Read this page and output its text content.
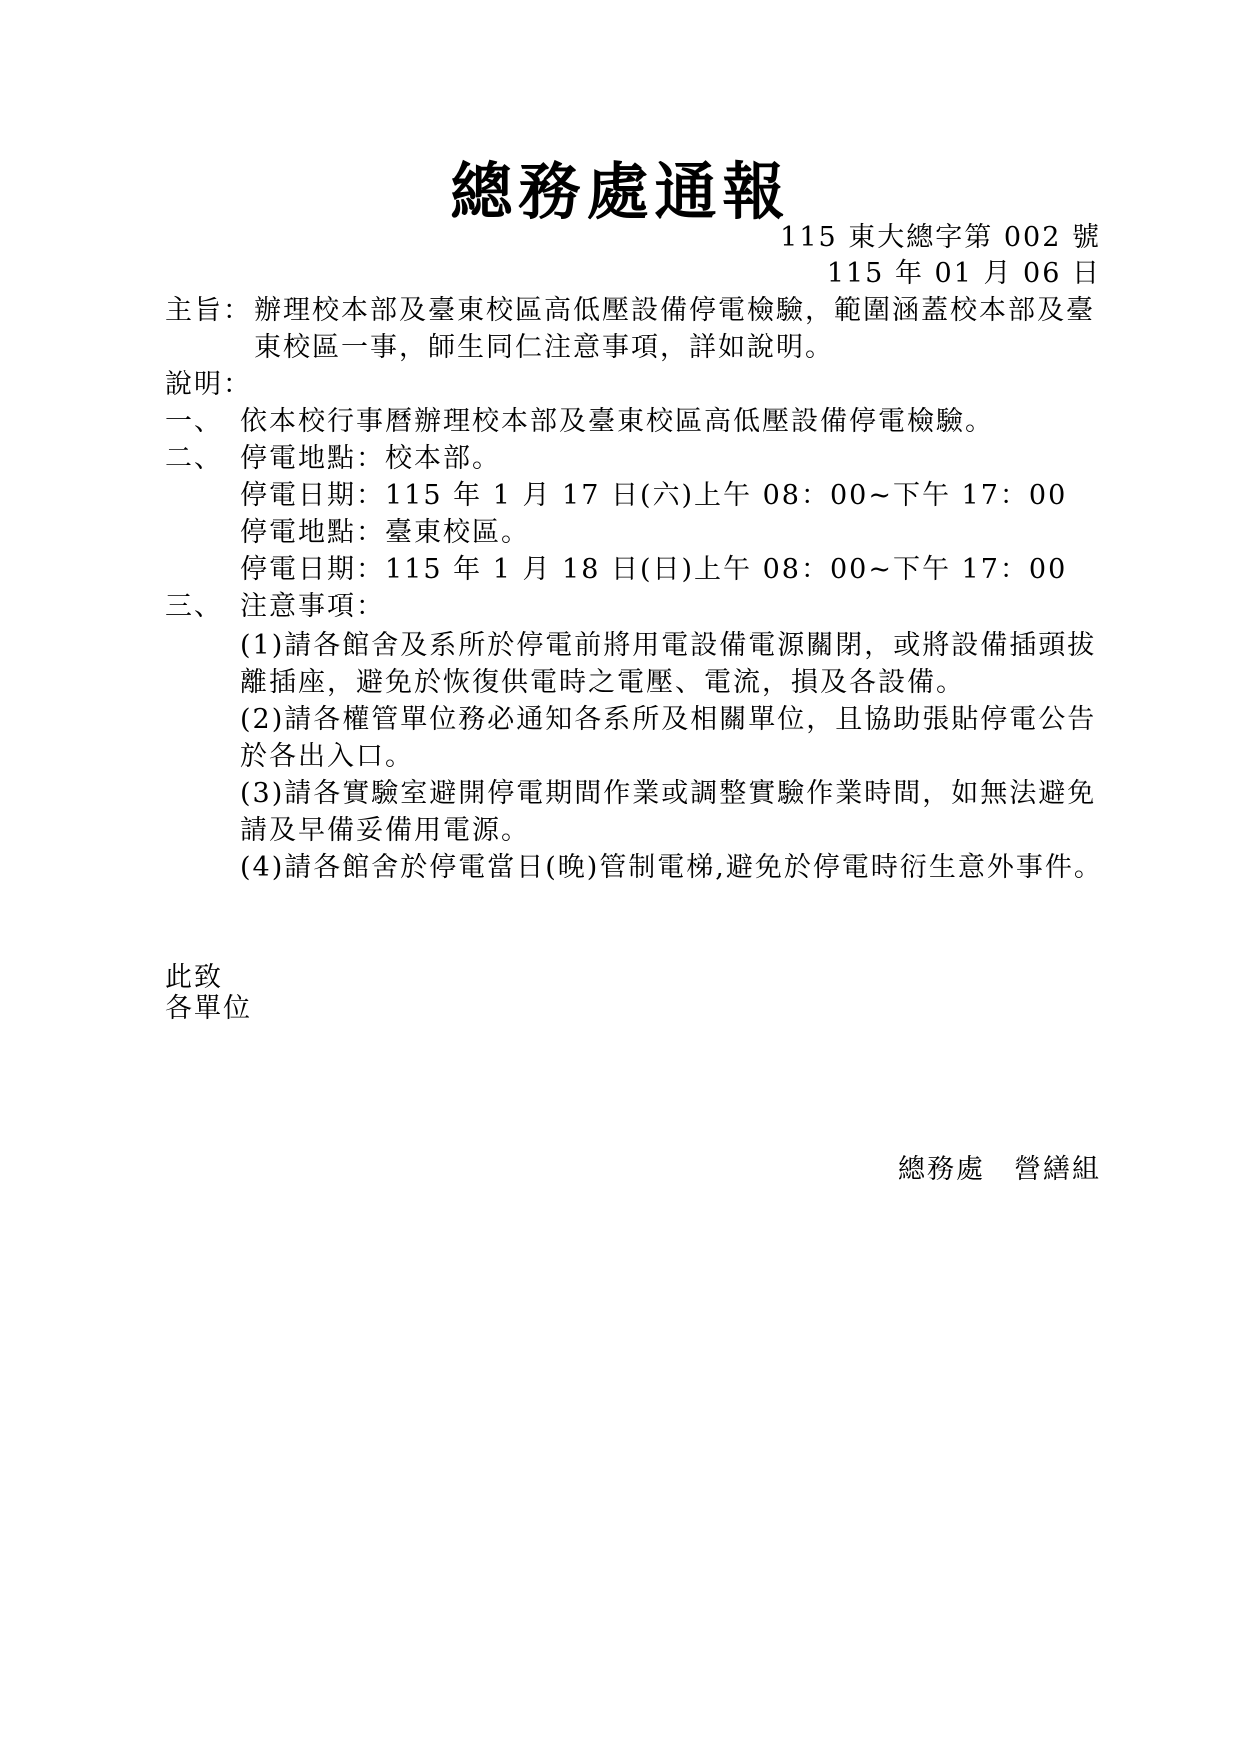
總務處通報
115 東大總字第 002 號
115 年 01 月 06 日
主旨： 辦理校本部及臺東校區高低壓設備停電檢驗，範圍涵蓋校本部及臺
東校區一事，師生同仁注意事項，詳如說明。
說明：
一、 依本校行事曆辦理校本部及臺東校區高低壓設備停電檢驗。
二、 停電地點：校本部。
停電日期：115 年 1 月 17 日(六)上午 08：00~下午 17：00
停電地點：臺東校區。
停電日期：115 年 1 月 18 日(日)上午 08：00~下午 17：00
三、 注意事項：
(1)請各館舍及系所於停電前將用電設備電源關閉，或將設備插頭拔
離插座，避免於恢復供電時之電壓、電流，損及各設備。
(2)請各權管單位務必通知各系所及相關單位，且協助張貼停電公告
於各出入口。
(3)請各實驗室避開停電期間作業或調整實驗作業時間，如無法避免
請及早備妥備用電源。
(4)請各館舍於停電當日(晚)管制電梯,避免於停電時衍生意外事件。
此致
各單位
總務處　營繕組
